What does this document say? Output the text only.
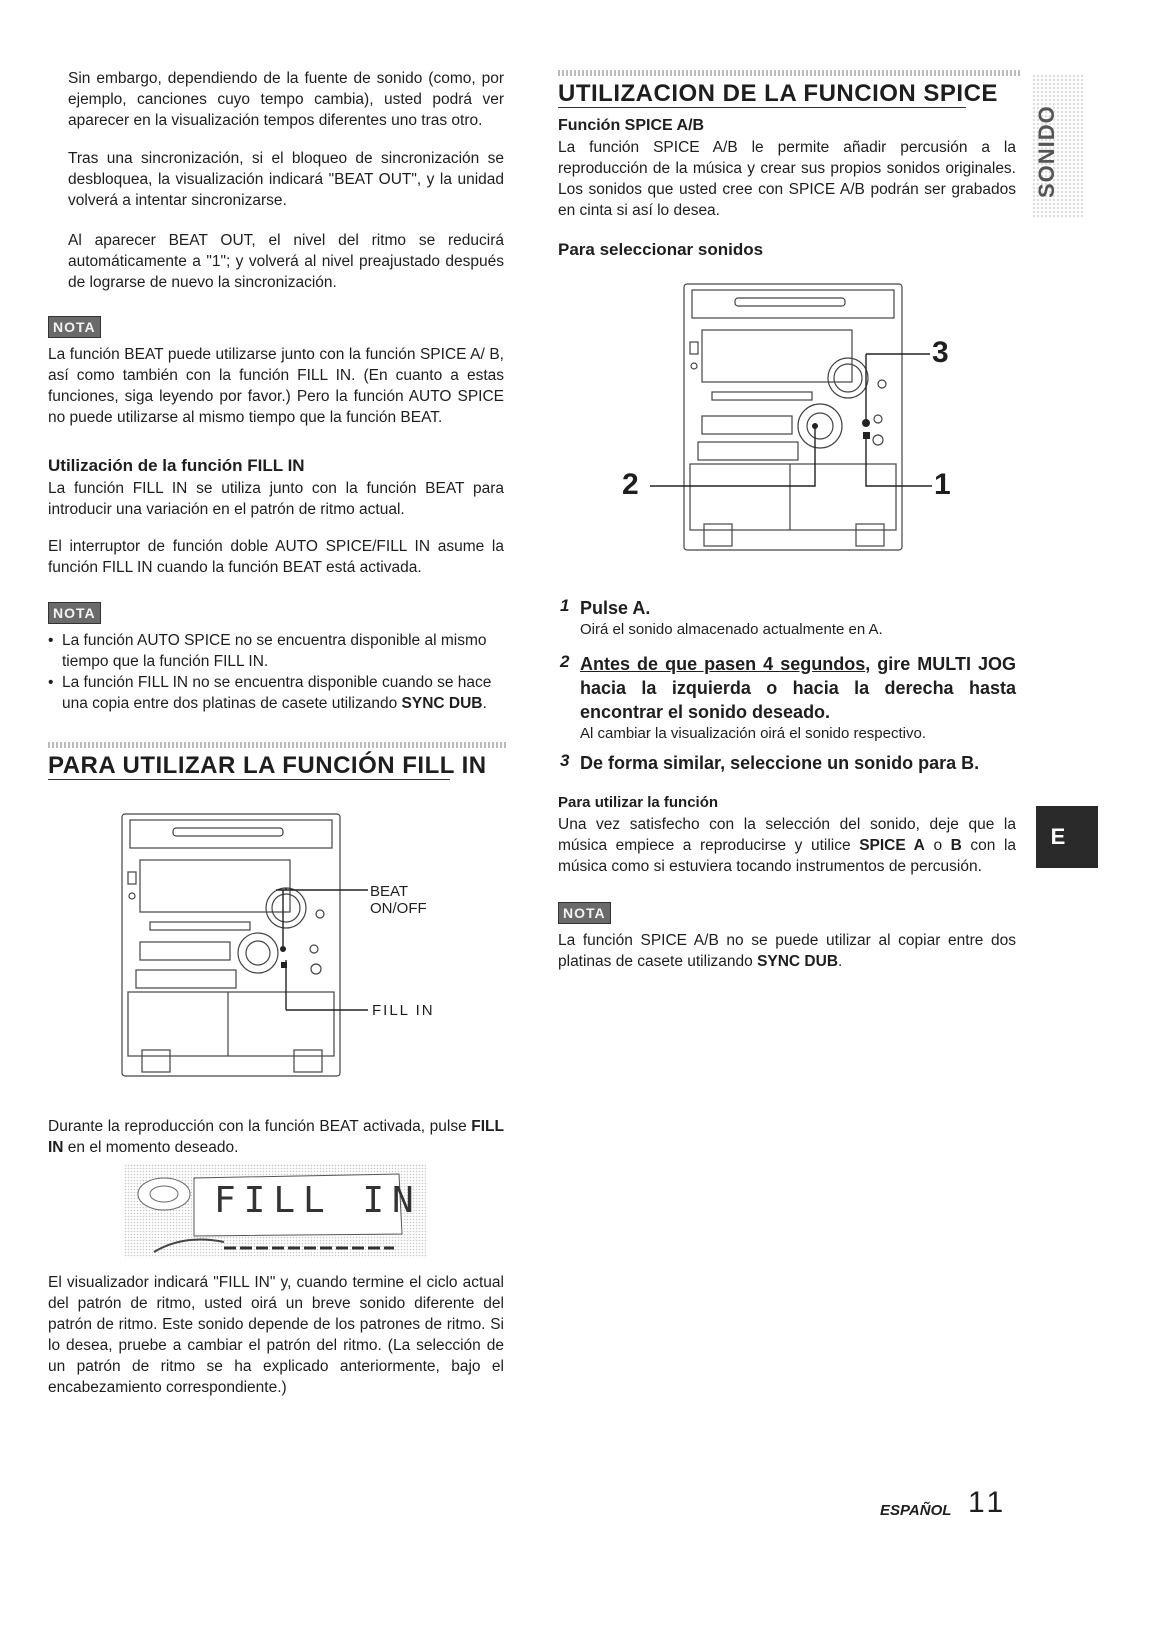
Sin embargo, dependiendo de la fuente de sonido (como, por ejemplo, canciones cuyo tempo cambia), usted podrá ver aparecer en la visualización tempos diferentes uno tras otro.

Tras una sincronización, si el bloqueo de sincronización se desbloquea, la visualización indicará "BEAT OUT", y la unidad volverá a intentar sincronizarse.

Al aparecer BEAT OUT, el nivel del ritmo se reducirá automáticamente a "1"; y volverá al nivel preajustado después de lograrse de nuevo la sincronización.

NOTA

La función BEAT puede utilizarse junto con la función SPICE A/ B, así como también con la función FILL IN. (En cuanto a estas funciones, siga leyendo por favor.) Pero la función AUTO SPICE no puede utilizarse al mismo tiempo que la función BEAT.

Utilización de la función FILL IN

La función FILL IN se utiliza junto con la función BEAT para introducir una variación en el patrón de ritmo actual.

El interruptor de función doble AUTO SPICE/FILL IN asume la función FILL IN cuando la función BEAT está activada.

NOTA
• La función AUTO SPICE no se encuentra disponible al mismo tiempo que la función FILL IN.
• La función FILL IN no se encuentra disponible cuando se hace una copia entre dos platinas de casete utilizando SYNC DUB.
PARA UTILIZAR LA FUNCIÓN FILL IN
BEAT
ON/OFF
FILL IN

Durante la reproducción con la función BEAT activada, pulse FILL IN en el momento deseado.

FILL IN

El visualizador indicará "FILL IN" y, cuando termine el ciclo actual del patrón de ritmo, usted oirá un breve sonido diferente del patrón de ritmo. Este sonido depende de los patrones de ritmo. Si lo desea, pruebe a cambiar el patrón del ritmo. (La selección de un patrón de ritmo se ha explicado anteriormente, bajo el encabezamiento correspondiente.)

UTILIZACION DE LA FUNCION SPICE
SONIDO
Función SPICE A/B

La función SPICE A/B le permite añadir percusión a la reproducción de la música y crear sus propios sonidos originales. Los sonidos que usted cree con SPICE A/B podrán ser grabados en cinta si así lo desea.

Para seleccionar sonidos
3
2	1
1 Pulse A.
Oirá el sonido almacenado actualmente en A.
2 Antes de que pasen 4 segundos, gire MULTI JOG hacia la izquierda o hacia la derecha hasta encontrar el sonido deseado.
Al cambiar la visualización oirá el sonido respectivo.
3 De forma similar, seleccione un sonido para B.
Para utilizar la función

Una vez satisfecho con la selección del sonido, deje que la música empiece a reproducirse y utilice SPICE A o B con la música como si estuviera tocando instrumentos de percusión.

E
NOTA

La función SPICE A/B no se puede utilizar al copiar entre dos platinas de casete utilizando SYNC DUB.

ESPAÑOL 11
